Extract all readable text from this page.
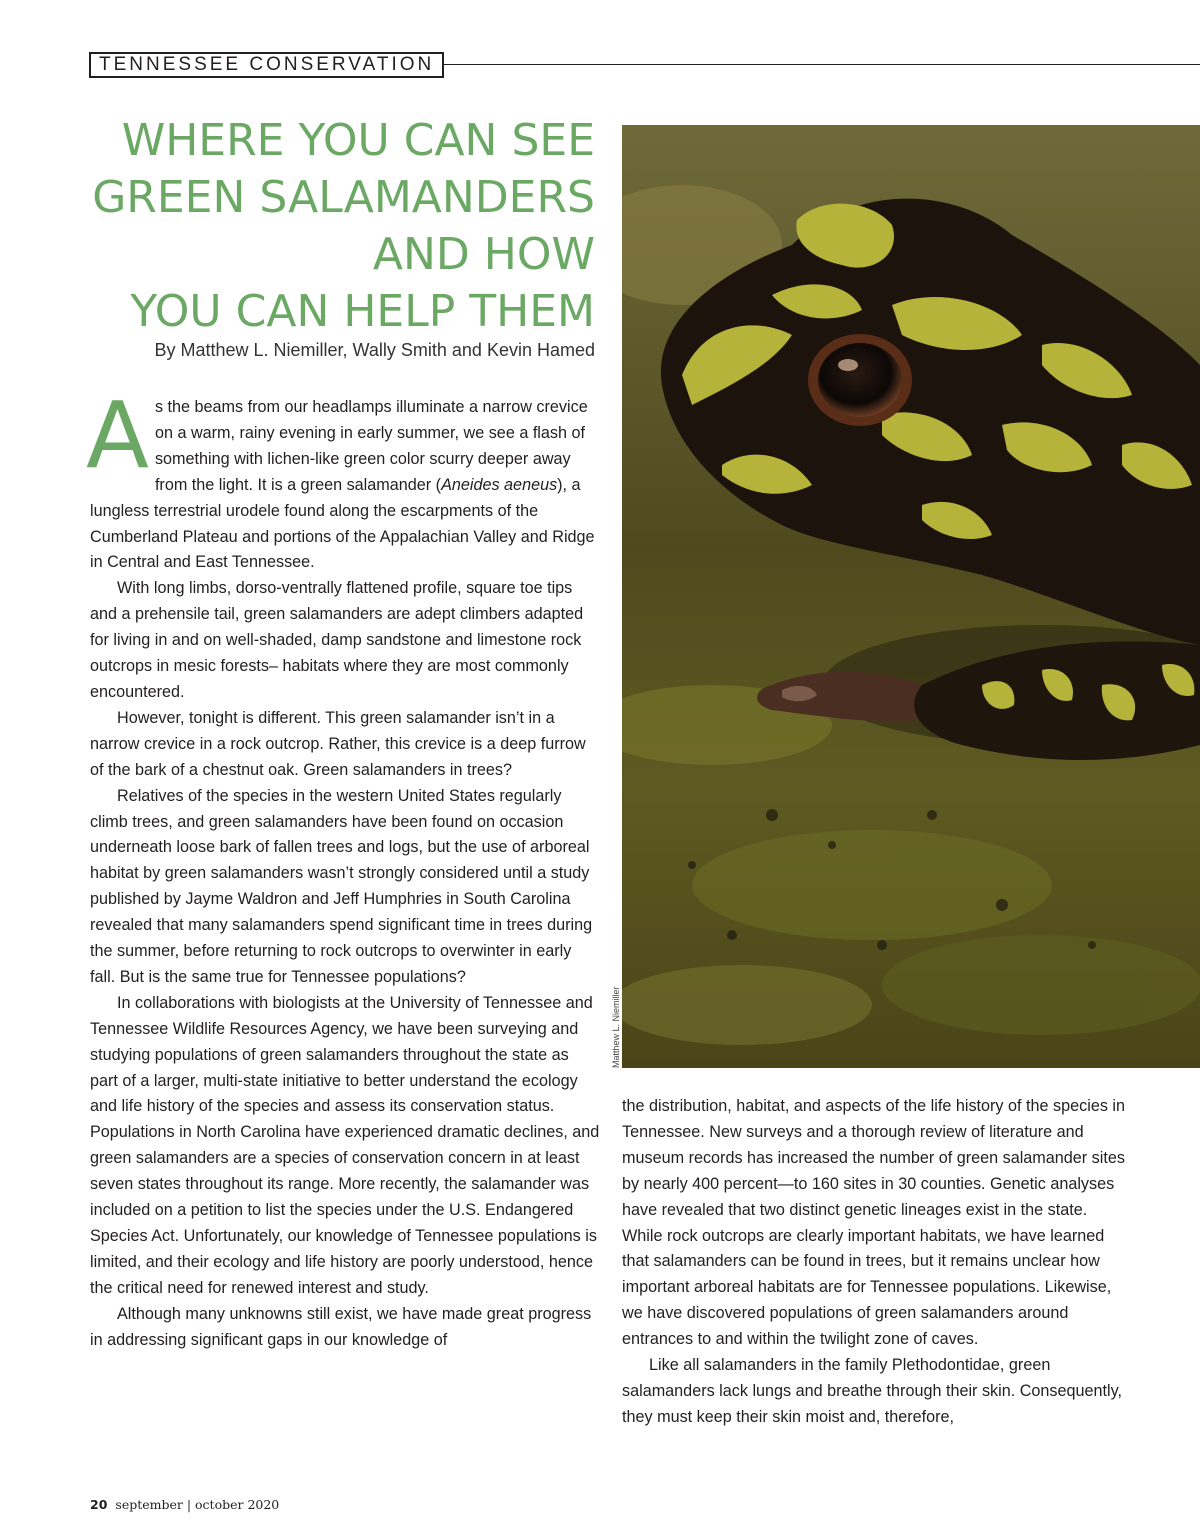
TENNESSEE CONSERVATION
WHERE YOU CAN SEE
GREEN SALAMANDERS
AND HOW
YOU CAN HELP THEM
By Matthew L. Niemiller, Wally Smith and Kevin Hamed

As the beams from our headlamps illuminate a narrow crevice on a warm, rainy evening in early summer, we see a flash of something with lichen-like green color scurry deeper away from the light. It is a green salamander (Aneides aeneus), a lungless terrestrial urodele found along the escarpments of the Cumberland Plateau and portions of the Appalachian Valley and Ridge in Central and East Tennessee.

With long limbs, dorso-ventrally flattened profile, square toe tips and a prehensile tail, green salamanders are adept climbers adapted for living in and on well-shaded, damp sandstone and limestone rock outcrops in mesic forests– habitats where they are most commonly encountered.

However, tonight is different. This green salamander isn’t in a narrow crevice in a rock outcrop. Rather, this crevice is a deep furrow of the bark of a chestnut oak. Green salamanders in trees?

Relatives of the species in the western United States regularly climb trees, and green salamanders have been found on occasion underneath loose bark of fallen trees and logs, but the use of arboreal habitat by green salamanders wasn’t strongly considered until a study published by Jayme Waldron and Jeff Humphries in South Carolina revealed that many salamanders spend significant time in trees during the summer, before returning to rock outcrops to overwinter in early fall. But is the same true for Tennessee populations?

In collaborations with biologists at the University of Tennessee and Tennessee Wildlife Resources Agency, we have been surveying and studying populations of green salamanders throughout the state as part of a larger, multi-state initiative to better understand the ecology and life history of the species and assess its conservation status. Populations in North Carolina have experienced dramatic declines, and green salamanders are a species of conservation concern in at least seven states throughout its range. More recently, the salamander was included on a petition to list the species under the U.S. Endangered Species Act. Unfortunately, our knowledge of Tennessee populations is limited, and their ecology and life history are poorly understood, hence the critical need for renewed interest and study.

Although many unknowns still exist, we have made great progress in addressing significant gaps in our knowledge of

Matthew L. Niemiller

the distribution, habitat, and aspects of the life history of the species in Tennessee. New surveys and a thorough review of literature and museum records has increased the number of green salamander sites by nearly 400 percent—to 160 sites in 30 counties. Genetic analyses have revealed that two distinct genetic lineages exist in the state. While rock outcrops are clearly important habitats, we have learned that salamanders can be found in trees, but it remains unclear how important arboreal habitats are for Tennessee populations. Likewise, we have discovered populations of green salamanders around entrances to and within the twilight zone of caves.

Like all salamanders in the family Plethodontidae, green salamanders lack lungs and breathe through their skin. Consequently, they must keep their skin moist and, therefore,

20 september | october 2020
